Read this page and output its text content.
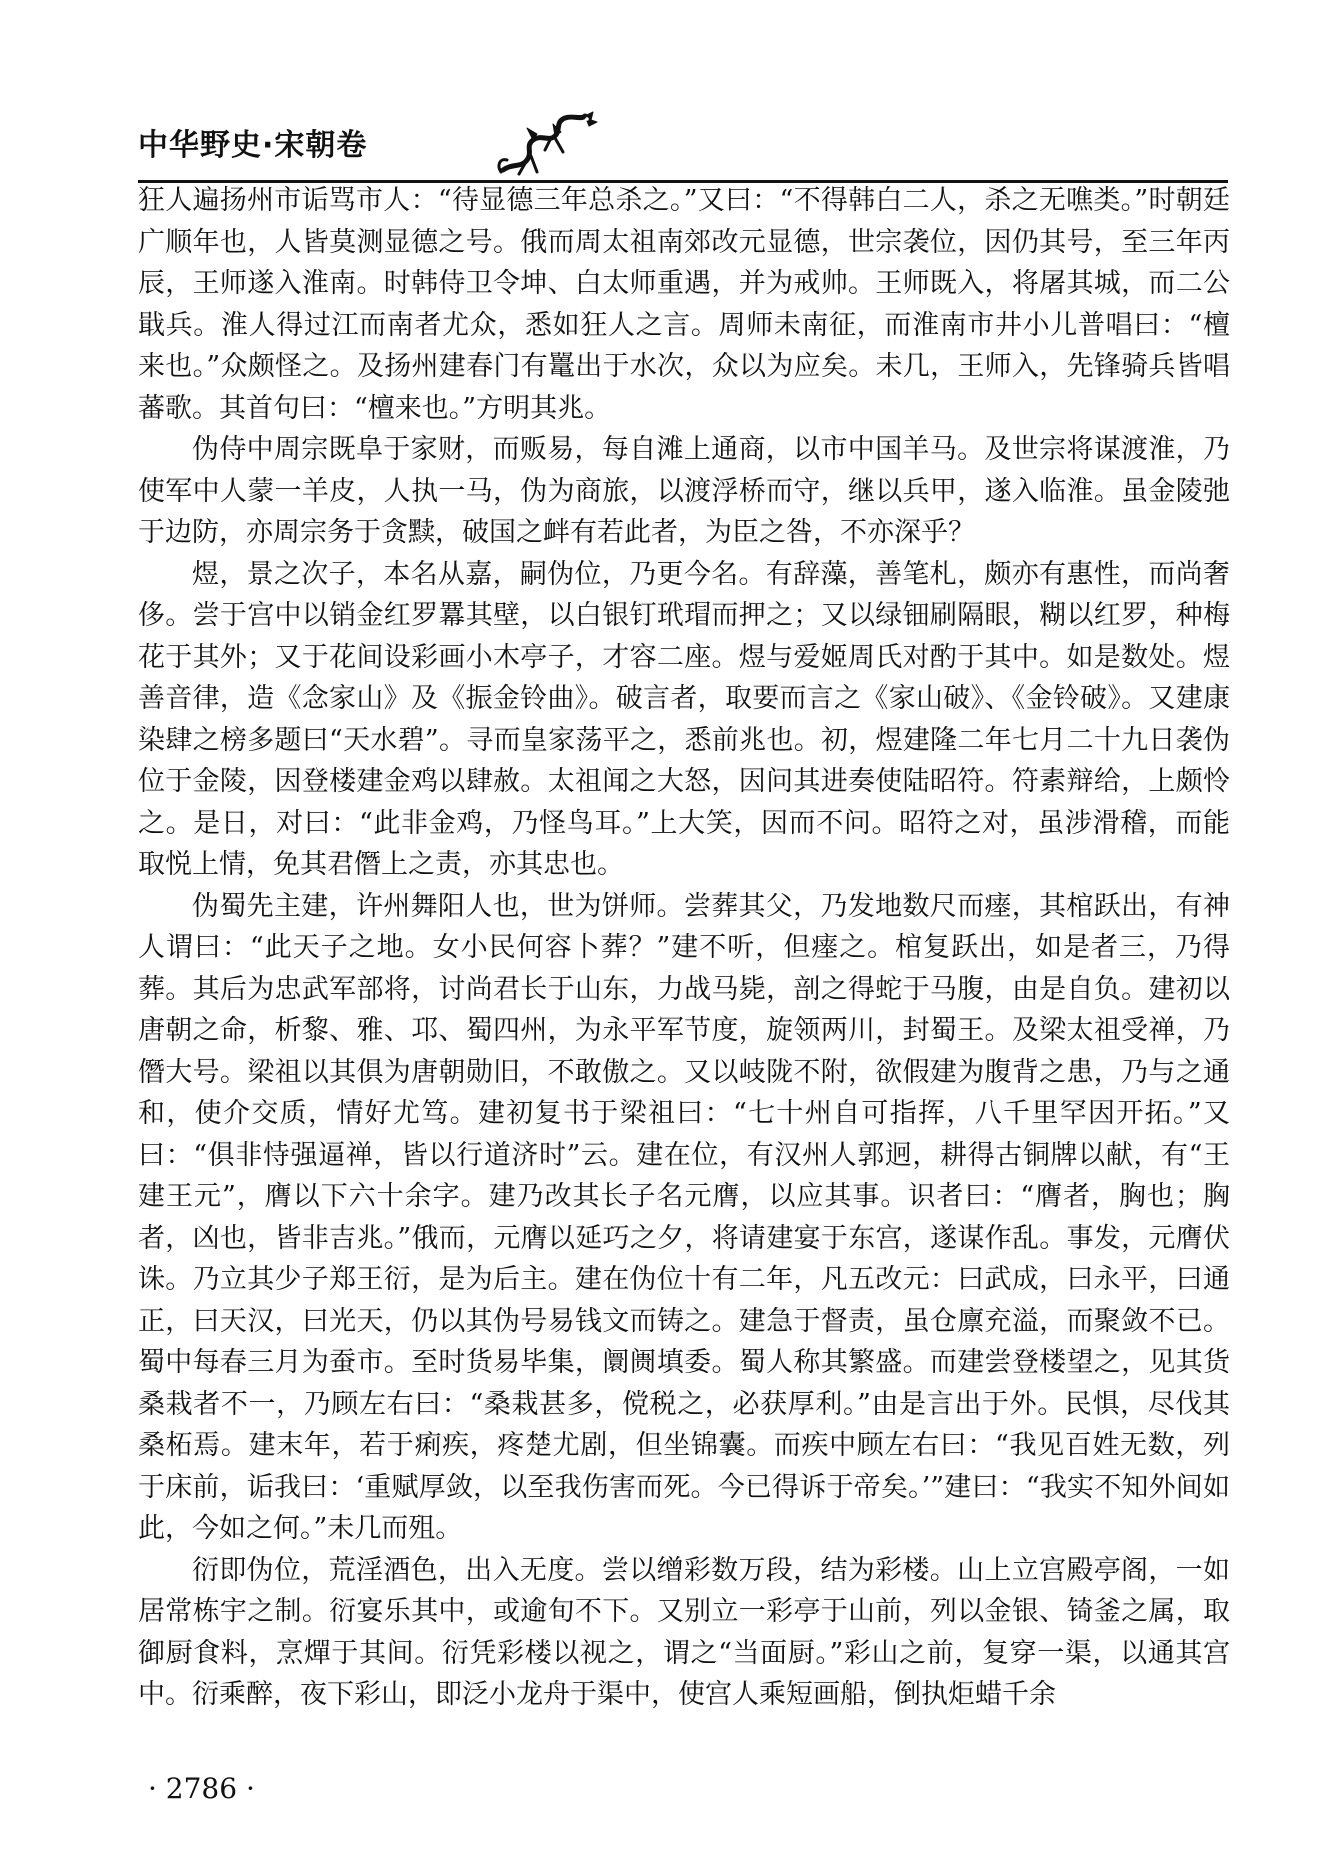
中华野史·宋朝卷

狂人遍扬州市诟骂市人：“待显德三年总杀之。”又曰：“不得韩白二人，杀之无噍类。”时朝廷广顺年也，人皆莫测显德之号。俄而周太祖南郊改元显德，世宗袭位，因仍其号，至三年丙辰，王师遂入淮南。时韩侍卫令坤、白太师重遇，并为戒帅。王师既入，将屠其城，而二公戢兵。淮人得过江而南者尤众，悉如狂人之言。周师未南征，而淮南市井小儿普唱曰：“檀来也。”众颇怪之。及扬州建春门有鼍出于水次，众以为应矣。未几，王师入，先锋骑兵皆唱蕃歌。其首句曰：“檀来也。”方明其兆。

伪侍中周宗既阜于家财，而贩易，每自滩上通商，以市中国羊马。及世宗将谋渡淮，乃使军中人蒙一羊皮，人执一马，伪为商旅，以渡浮桥而守，继以兵甲，遂入临淮。虽金陵弛于边防，亦周宗务于贪黩，破国之衅有若此者，为臣之咎，不亦深乎？

煜，景之次子，本名从嘉，嗣伪位，乃更今名。有辞藻，善笔札，颇亦有惠性，而尚奢侈。尝于宫中以销金红罗羃其壁，以白银钉玳瑁而押之；又以绿钿刷隔眼，糊以红罗，种梅花于其外；又于花间设彩画小木亭子，才容二座。煜与爱姬周氏对酌于其中。如是数处。煜善音律，造《念家山》及《振金铃曲》。破言者，取要而言之《家山破》、《金铃破》。又建康染肆之榜多题曰“天水碧”。寻而皇家荡平之，悉前兆也。初，煜建隆二年七月二十九日袭伪位于金陵，因登楼建金鸡以肆赦。太祖闻之大怒，因问其进奏使陆昭符。符素辩给，上颇怜之。是日，对曰：“此非金鸡，乃怪鸟耳。”上大笑，因而不问。昭符之对，虽涉滑稽，而能取悦上情，免其君僭上之责，亦其忠也。

伪蜀先主建，许州舞阳人也，世为饼师。尝葬其父，乃发地数尺而瘗，其棺跃出，有神人谓曰：“此天子之地。女小民何容卜葬？”建不听，但瘗之。棺复跃出，如是者三，乃得葬。其后为忠武军部将，讨尚君长于山东，力战马毙，剖之得蛇于马腹，由是自负。建初以唐朝之命，析黎、雅、邛、蜀四州，为永平军节度，旋领两川，封蜀王。及梁太祖受禅，乃僭大号。梁祖以其俱为唐朝勋旧，不敢傲之。又以岐陇不附，欲假建为腹背之患，乃与之通和，使介交质，情好尤笃。建初复书于梁祖曰：“七十州自可指挥，八千里罕因开拓。”又曰：“俱非恃强逼禅，皆以行道济时”云。建在位，有汉州人郭迥，耕得古铜牌以献，有“王建王元”，膺以下六十余字。建乃改其长子名元膺，以应其事。识者曰：“膺者，胸也；胸者，凶也，皆非吉兆。”俄而，元膺以延巧之夕，将请建宴于东宫，遂谋作乱。事发，元膺伏诛。乃立其少子郑王衍，是为后主。建在伪位十有二年，凡五改元：曰武成，曰永平，曰通正，曰天汉，曰光天，仍以其伪号易钱文而铸之。建急于督责，虽仓廪充溢，而聚敛不已。蜀中每春三月为蚕市。至时货易毕集，阛阓填委。蜀人称其繁盛。而建尝登楼望之，见其货桑栽者不一，乃顾左右曰：“桑栽甚多，傥税之，必获厚利。”由是言出于外。民惧，尽伐其桑柘焉。建末年，若于痢疾，疼楚尤剧，但坐锦囊。而疾中顾左右曰：“我见百姓无数，列于床前，诟我曰：‘重赋厚敛，以至我伤害而死。今已得诉于帝矣。’”建曰：“我实不知外间如此，今如之何。”未几而殂。

衍即伪位，荒淫酒色，出入无度。尝以缯彩数万段，结为彩楼。山上立宫殿亭阁，一如居常栋宇之制。衍宴乐其中，或逾旬不下。又别立一彩亭于山前，列以金银、锜釜之属，取御厨食料，烹燀于其间。衍凭彩楼以视之，谓之“当面厨。”彩山之前，复穿一渠，以通其宫中。衍乘醉，夜下彩山，即泛小龙舟于渠中，使宫人乘短画船，倒执炬蜡千余

· 2786 ·
